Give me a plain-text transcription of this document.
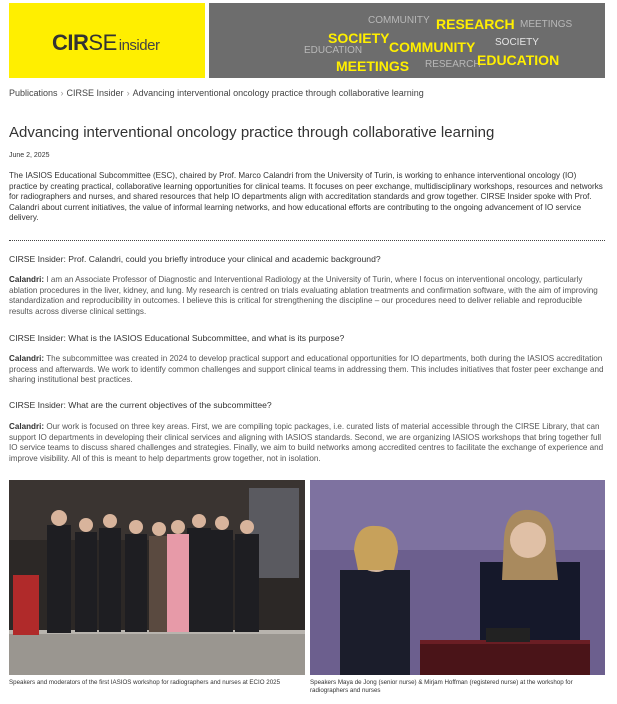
CIRSE insider
COMMUNITY RESEARCH MEETINGS
SOCIETY
EDUCATION COMMUNITY SOCIETY
MEETINGS RESEARCH
EDUCATION
Publications › CIRSE Insider › Advancing interventional oncology practice through collaborative learning
Advancing interventional oncology practice through collaborative learning
June 2, 2025

The IASIOS Educational Subcommittee (ESC), chaired by Prof. Marco Calandri from the University of Turin, is working to enhance interventional oncology (IO) practice by creating practical, collaborative learning opportunities for clinical teams. It focuses on peer exchange, multidisciplinary workshops, resources and networks for radiographers and nurses, and shared resources that help IO departments align with accreditation standards and grow together. CIRSE Insider spoke with Prof. Calandri about current initiatives, the value of informal learning networks, and how educational efforts are contributing to the ongoing advancement of IO service delivery.

CIRSE Insider: Prof. Calandri, could you briefly introduce your clinical and academic background?

Calandri: I am an Associate Professor of Diagnostic and Interventional Radiology at the University of Turin, where I focus on interventional oncology, particularly ablation procedures in the liver, kidney, and lung. My research is centred on trials evaluating ablation treatments and confirmation software, with the aim of improving standardization and reproducibility in outcomes. I believe this is critical for strengthening the discipline – our procedures need to deliver reliable and reproducible results across diverse clinical settings.

CIRSE Insider: What is the IASIOS Educational Subcommittee, and what is its purpose?

Calandri: The subcommittee was created in 2024 to develop practical support and educational opportunities for IO departments, both during the IASIOS accreditation process and afterwards. We work to identify common challenges and support clinical teams in addressing them. This includes initiatives that foster peer exchange and sharing institutional best practices.

CIRSE Insider: What are the current objectives of the subcommittee?

Calandri: Our work is focused on three key areas. First, we are compiling topic packages, i.e. curated lists of material accessible through the CIRSE Library, that can support IO departments in developing their clinical services and aligning with IASIOS standards. Second, we are organizing IASIOS workshops that bring together full IO service teams to discuss shared challenges and strategies. Finally, we aim to build networks among accredited centres to facilitate the exchange of experience and improve visibility. All of this is meant to help departments grow together, not in isolation.

Speakers and moderators of the first IASIOS workshop for radiographers and nurses at ECIO 2025	Speakers Maya de Jong (senior nurse) & Mirjam Hoffman (registered nurse) at the workshop for radiographers and nurses
